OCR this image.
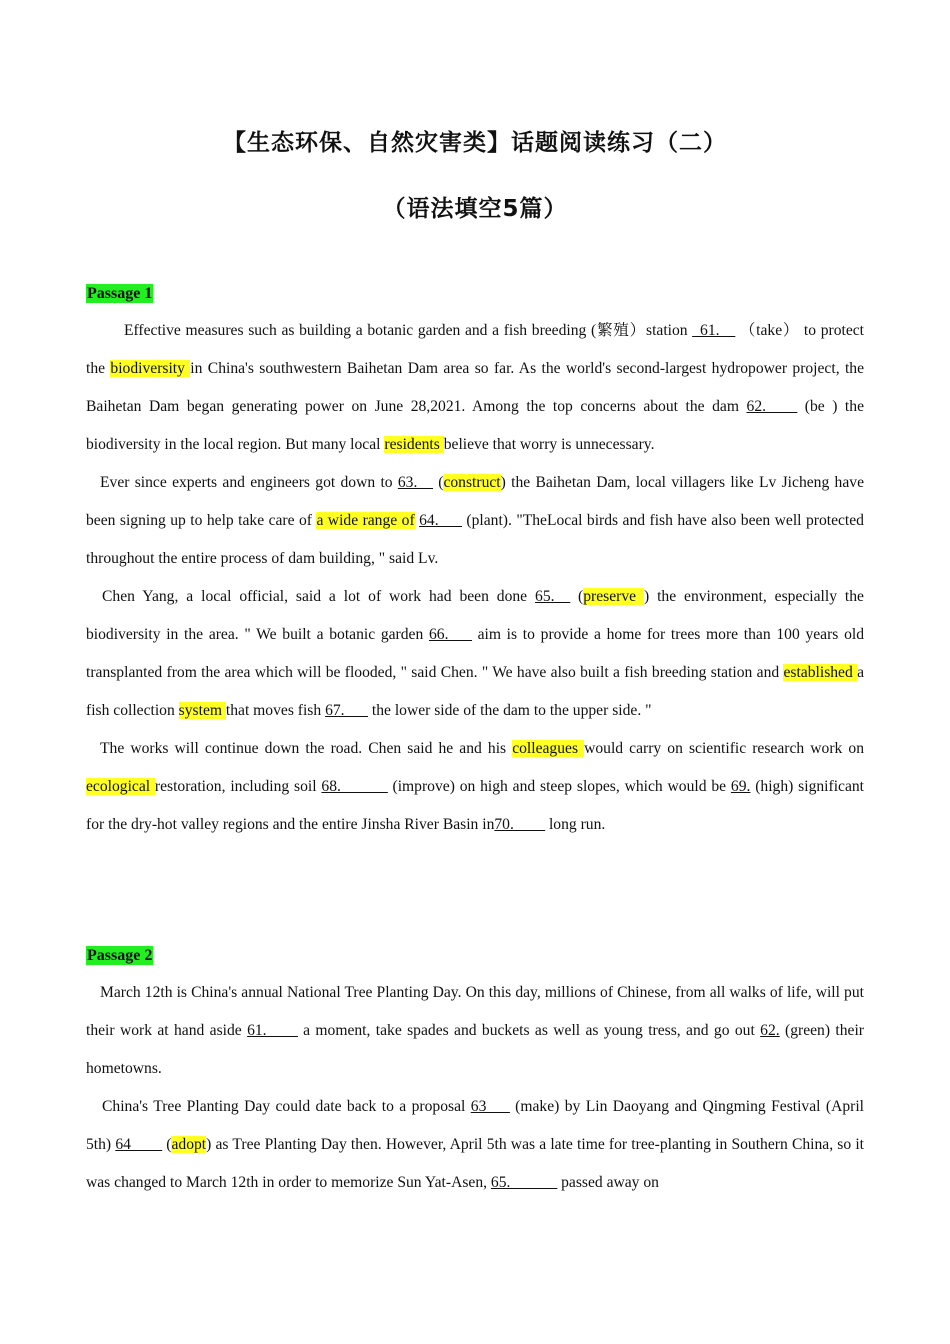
【生态环保、自然灾害类】话题阅读练习（二）
（语法填空5篇）

Passage 1

Effective measures such as building a botanic garden and a fish breeding (繁殖）station _61.__ （take） to protect the biodiversity in China's southwestern Baihetan Dam area so far. As the world's second-largest hydropower project, the Baihetan Dam began generating power on June 28,2021. Among the top concerns about the dam 62.____ (be ) the biodiversity in the local region. But many local residents believe that worry is unnecessary.

Ever since experts and engineers got down to 63.__ (construct) the Baihetan Dam, local villagers like Lv Jicheng have been signing up to help take care of a wide range of 64.___ (plant). "TheLocal birds and fish have also been well protected throughout the entire process of dam building, " said Lv.

Chen Yang, a local official, said a lot of work had been done 65.__ (preserve ) the environment, especially the biodiversity in the area. " We built a botanic garden 66.___ aim is to provide a home for trees more than 100 years old transplanted from the area which will be flooded, " said Chen. " We have also built a fish breeding station and established a fish collection system that moves fish 67.___ the lower side of the dam to the upper side. "

The works will continue down the road. Chen said he and his colleagues would carry on scientific research work on ecological restoration, including soil 68.______ (improve) on high and steep slopes, which would be 69. (high) significant for the dry-hot valley regions and the entire Jinsha River Basin in70.____ long run.

Passage 2

March 12th is China's annual National Tree Planting Day. On this day, millions of Chinese, from all walks of life, will put their work at hand aside 61.____ a moment, take spades and buckets as well as young tress, and go out 62. (green) their hometowns.

China's Tree Planting Day could date back to a proposal 63___ (make) by Lin Daoyang and Qingming Festival (April 5th) 64____ (adopt) as Tree Planting Day then. However, April 5th was a late time for tree-planting in Southern China, so it was changed to March 12th in order to memorize Sun Yat-Asen, 65.______ passed away on
